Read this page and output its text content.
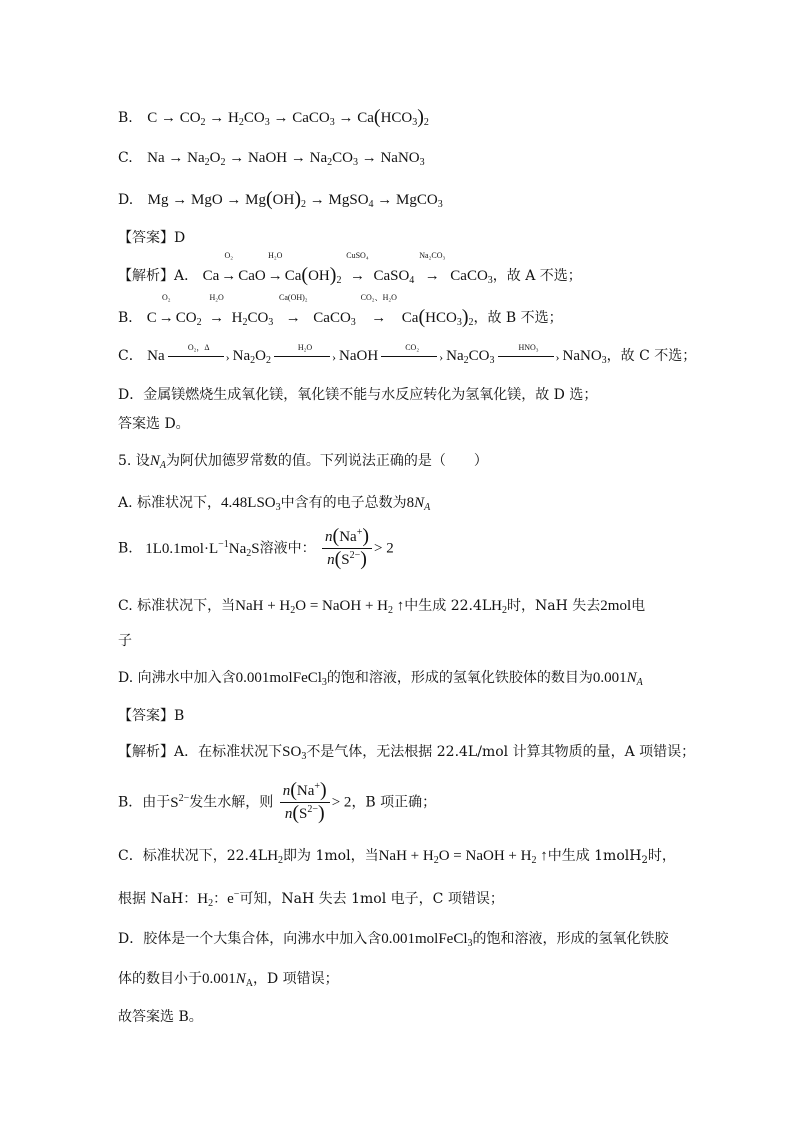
B. $C \to CO_2 \to H_2CO_3$ → CaCO$_3$ → $Ca(HCO_3)_2$
C. $Na \to Na_2O_2$ → NaOH → $Na_2CO_3$ → NaNO$_3$
D. Mg → MgO → $Mg(OH)_2$ → MgSO$_4$ → MgCO$_3$
【答案】D
【解析】A． Ca
O₂
→ CaO
H₂O
→ $Ca(OH)_2$
CuSO₄
→ CaSO$_4$
Na₂CO₃
→ CaCO$_3$，故 A 不选；
B． C
O₂
→ $CO_2$
H₂O
→ $H_2CO_3$
Ca(OH)₂
→ CaCO$_3$
CO₂、H₂O
→ $Ca(HCO_3)_2$，故 B 不选；
C． Na
O₂，Δ
› $Na_2O_2$
H₂O
› NaOH
CO₂
› $Na_2CO_3$
HNO₃
› NaNO$_3$，故 C 不选；
D．金属镁燃烧生成氧化镁，氧化镁不能与水反应转化为氢氧化镁，故 D 选；
答案选 D。
5. 设$N_A$为阿伏加德罗常数的值。下列说法正确的是（　　）
A. 标准状况下，$4.48LSO_3$中含有的电子总数为$8N_A$
B. $1L0.1mol\cdot L^{-1}Na_2S$溶液中： $\frac{n(Na^+)}{n(S^{2-})} > 2$
C. 标准状况下，当NaH + $H_2O$ = NaOH + $H_2$ ↑中生成 $22.4LH_2$时，NaH 失去2mol电
子
D. 向沸水中加入含0.001molFeCl$_3$的饱和溶液，形成的氢氧化铁胶体的数目为$0.001N_A$
【答案】B
【解析】A．在标准状况下$SO_3$不是气体，无法根据 22.4L/mol 计算其物质的量，A 项错误；
B．由于$S^{2-}$发生水解，则 $\frac{n(Na^+)}{n(S^{2-})} > 2$，B 项正确；
C．标准状况下，$22.4LH_2$即为 1mol，当NaH + $H_2O$ = NaOH + $H_2$ ↑中生成 1molH$_2$时，
根据 NaH：$H_2$：e−可知，NaH 失去 1mol 电子，C 项错误；
D．胶体是一个大集合体，向沸水中加入含0.001molFeCl$_3$的饱和溶液，形成的氢氧化铁胶
体的数目小于$0.001N_A$，D 项错误；
故答案选 B。
